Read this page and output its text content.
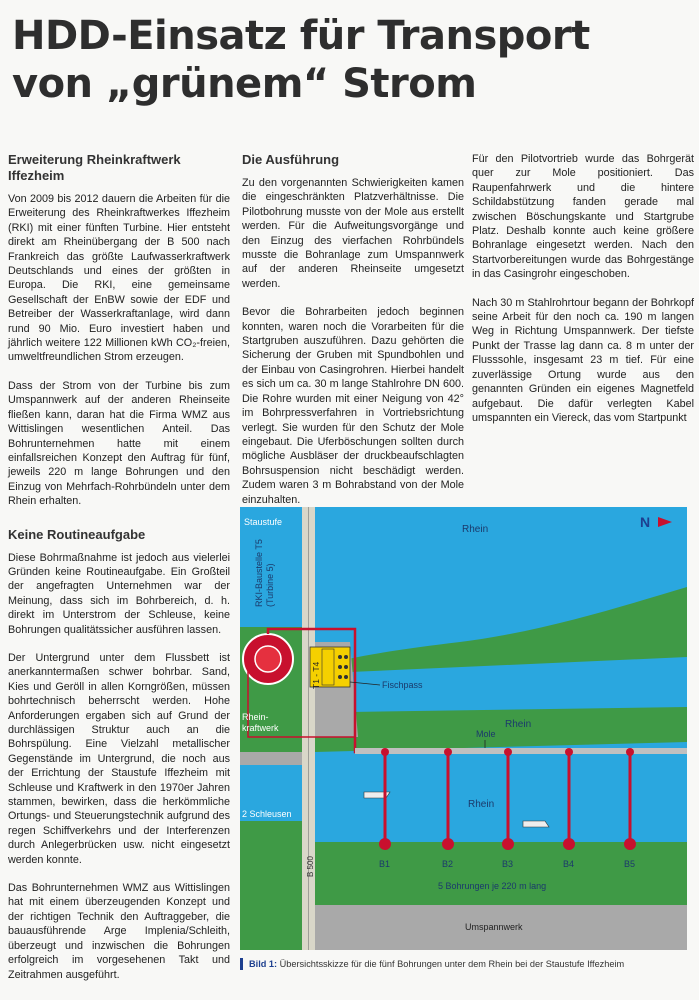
HDD-Einsatz für Transport
von „grünem“ Strom
Erweiterung Rheinkraftwerk Iffezheim

Von 2009 bis 2012 dauern die Arbeiten für die Erweiterung des Rheinkraftwerkes Iffezheim (RKI) mit einer fünften Turbine. Hier entsteht direkt am Rheinübergang der B 500 nach Frankreich das größte Laufwasserkraftwerk Deutschlands und eines der größten in Europa. Die RKI, eine gemeinsame Gesellschaft der EnBW sowie der EDF und Betreiber der Wasserkraftanlage, wird dann rund 90 Mio. Euro investiert haben und jährlich weitere 122 Millionen kWh CO₂-freien, umweltfreundlichen Strom erzeugen.

Dass der Strom von der Turbine bis zum Umspannwerk auf der anderen Rheinseite fließen kann, daran hat die Firma WMZ aus Wittislingen wesentlichen Anteil. Das Bohrunternehmen hatte mit einem einfallsreichen Konzept den Auftrag für fünf, jeweils 220 m lange Bohrungen und den Einzug von Mehrfach-Rohrbündeln unter dem Rhein erhalten.

Keine Routineaufgabe

Diese Bohrmaßnahme ist jedoch aus vielerlei Gründen keine Routineaufgabe. Ein Großteil der angefragten Unternehmen war der Meinung, dass sich im Bohrbereich, d. h. direkt im Unterstrom der Schleuse, keine Bohrungen qualitätssicher ausführen lassen.

Der Untergrund unter dem Flussbett ist anerkanntermaßen schwer bohrbar. Sand, Kies und Geröll in allen Korngrößen, müssen bohrtechnisch beherrscht werden. Hohe Anforderungen ergaben sich auf Grund der durchlässigen Struktur auch an die Bohrspülung. Eine Vielzahl metallischer Gegenstände im Untergrund, die noch aus der Errichtung der Staustufe Iffezheim mit Schleuse und Kraftwerk in den 1970er Jahren stammen, bewirken, dass die herkömmliche Ortungs- und Steuerungstechnik aufgrund des regen Schiffverkehrs und der Interferenzen durch Anlegerbrücken usw. nicht eingesetzt werden konnte.

Das Bohrunternehmen WMZ aus Wittislingen hat mit einem überzeugenden Konzept und der richtigen Technik den Auftraggeber, die bauausführende Arge Implenia/Schleith, überzeugt und inzwischen die Bohrungen erfolgreich im vorgesehenen Takt und Zeitrahmen ausgeführt.

Die Ausführung

Zu den vorgenannten Schwierigkeiten kamen die eingeschränkten Platzverhältnisse. Die Pilotbohrung musste von der Mole aus erstellt werden. Für die Aufweitungsvorgänge und den Einzug des vierfachen Rohrbündels musste die Bohranlage zum Umspannwerk auf der anderen Rheinseite umgesetzt werden.

Bevor die Bohrarbeiten jedoch beginnen konnten, waren noch die Vorarbeiten für die Startgruben auszuführen. Dazu gehörten die Sicherung der Gruben mit Spundbohlen und der Einbau von Casingrohren. Hierbei handelt es sich um ca. 30 m lange Stahlrohre DN 600. Die Rohre wurden mit einer Neigung von 42° im Bohrpressverfahren in Vortriebsrichtung verlegt. Sie wurden für den Schutz der Mole eingebaut. Die Uferböschungen sollten durch mögliche Ausbläser der druckbeaufschlagten Bohrsuspension nicht beschädigt werden. Zudem waren 3 m Bohrabstand von der Mole einzuhalten.

Für den Pilotvortrieb wurde das Bohrgerät quer zur Mole positioniert. Das Raupenfahrwerk und die hintere Schildabstützung fanden gerade mal zwischen Böschungskante und Startgrube Platz. Deshalb konnte auch keine größere Bohranlage eingesetzt werden. Nach den Startvorbereitungen wurde das Bohrgestänge in das Casingrohr eingeschoben.

Nach 30 m Stahlrohrtour begann der Bohrkopf seine Arbeit für den noch ca. 190 m langen Weg in Richtung Umspannwerk. Der tiefste Punkt der Trasse lag dann ca. 8 m unter der Flusssohle, insgesamt 23 m tief. Für eine zuverlässige Ortung wurde aus den genannten Gründen ein eigenes Magnetfeld aufgebaut. Die dafür verlegten Kabel umspannten ein Viereck, das vom Startpunkt

B1	B2	B3	B4	B5
Staustufe
Rhein	N
RKI-Baustelle T5 (Turbine 5)
Fischpass
Rhein
T1 - T4
Rhein-
kraftwerk
Mole
Rhein
2 Schleusen
B 500
5 Bohrungen je 220 m lang
Umspannwerk
Bild 1: Übersichtsskizze für die fünf Bohrungen unter dem Rhein bei der Staustufe Iffezheim
